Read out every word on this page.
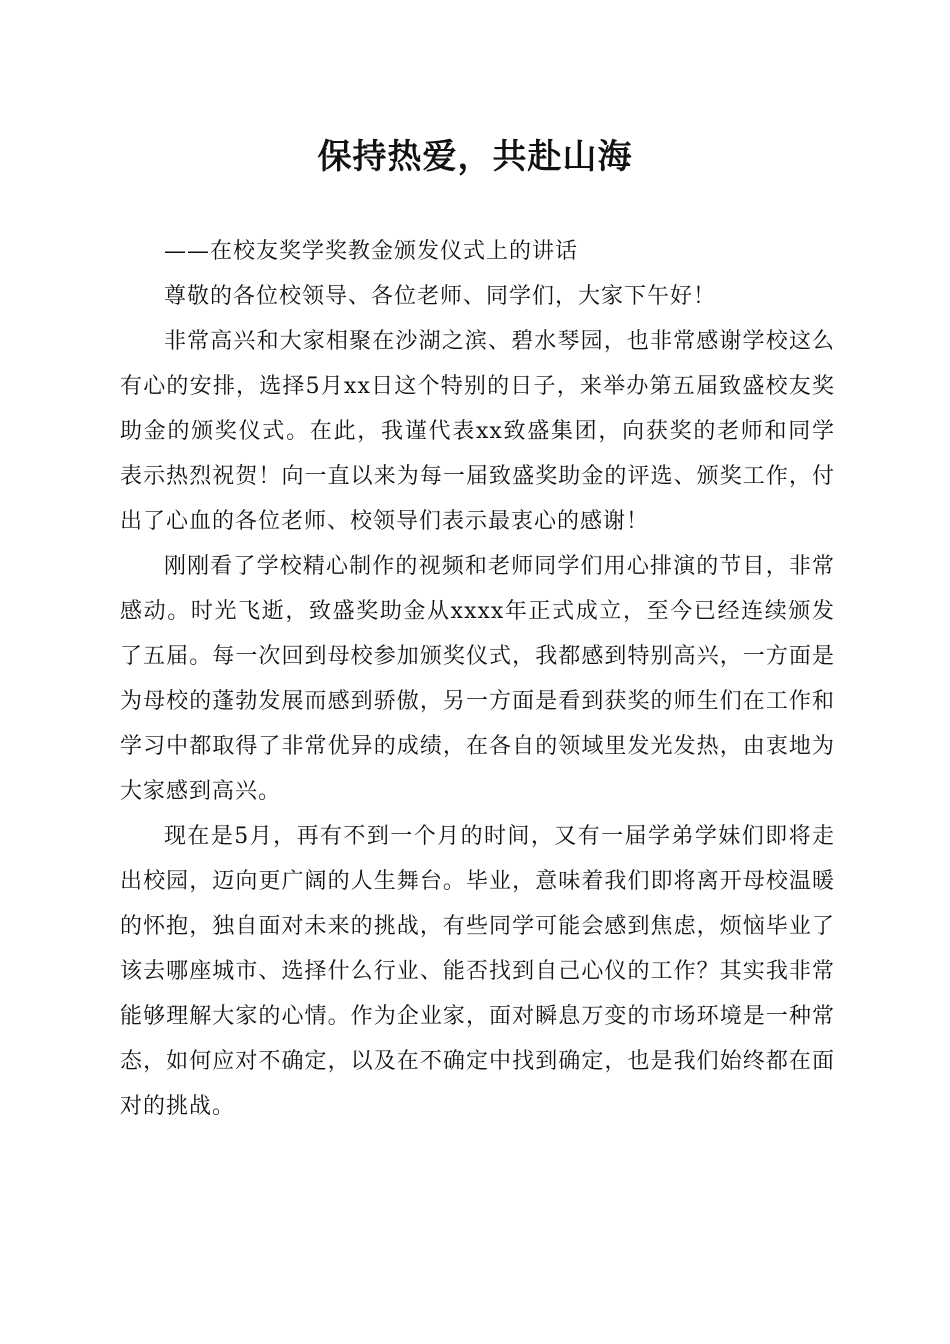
保持热爱，共赴山海

——在校友奖学奖教金颁发仪式上的讲话

尊敬的各位校领导、各位老师、同学们，大家下午好！

非常高兴和大家相聚在沙湖之滨、碧水琴园，也非常感谢学校这么有心的安排，选择5月xx日这个特别的日子，来举办第五届致盛校友奖助金的颁奖仪式。在此，我谨代表xx致盛集团，向获奖的老师和同学表示热烈祝贺！向一直以来为每一届致盛奖助金的评选、颁奖工作，付出了心血的各位老师、校领导们表示最衷心的感谢！

刚刚看了学校精心制作的视频和老师同学们用心排演的节目，非常感动。时光飞逝，致盛奖助金从xxxx年正式成立，至今已经连续颁发了五届。每一次回到母校参加颁奖仪式，我都感到特别高兴，一方面是为母校的蓬勃发展而感到骄傲，另一方面是看到获奖的师生们在工作和学习中都取得了非常优异的成绩，在各自的领域里发光发热，由衷地为大家感到高兴。

现在是5月，再有不到一个月的时间，又有一届学弟学妹们即将走出校园，迈向更广阔的人生舞台。毕业，意味着我们即将离开母校温暖的怀抱，独自面对未来的挑战，有些同学可能会感到焦虑，烦恼毕业了该去哪座城市、选择什么行业、能否找到自己心仪的工作？其实我非常能够理解大家的心情。作为企业家，面对瞬息万变的市场环境是一种常态，如何应对不确定，以及在不确定中找到确定，也是我们始终都在面对的挑战。
